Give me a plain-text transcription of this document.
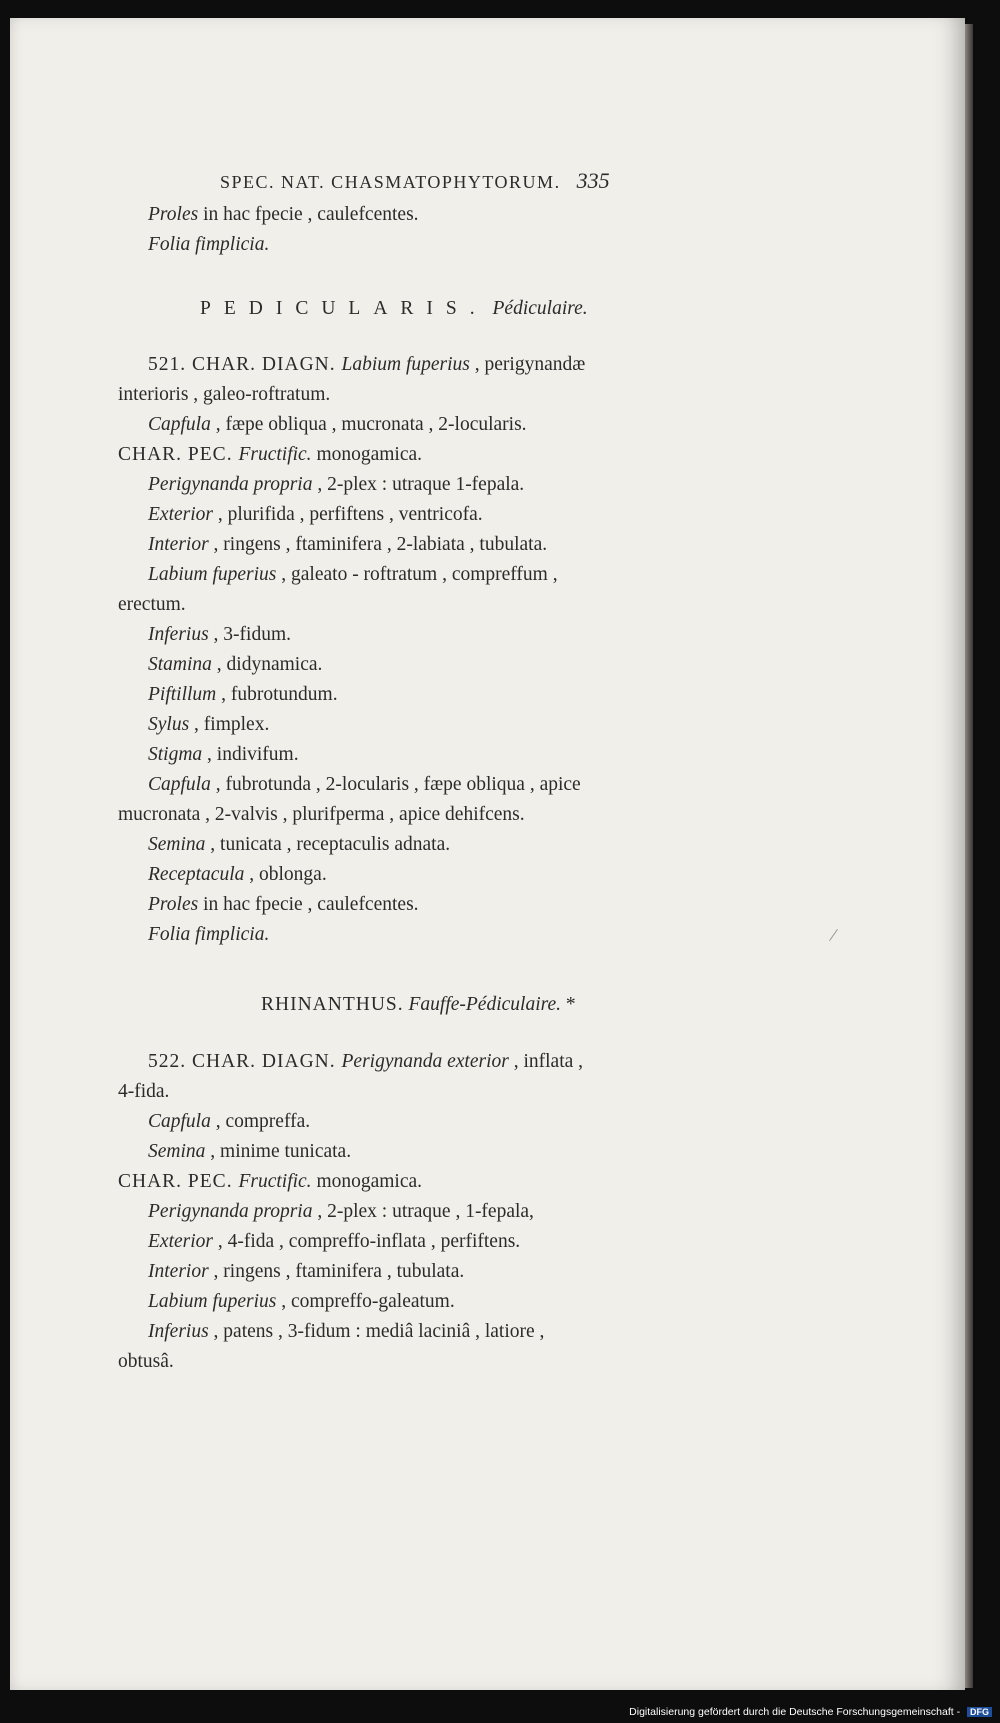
SPEC. NAT. CHASMATOPHYTORUM. 335
Proles in hac fpecie , caulefcentes.
Folia fimplicia.
PEDICULARIS. Pédiculaire.
521. CHAR. DIAGN. Labium fuperius , perigynandæ
interioris , galeo-roftratum.
Capfula , fæpe obliqua , mucronata , 2-locularis.
CHAR. PEC. Fructific. monogamica.
Perigynanda propria , 2-plex : utraque 1-fepala.
Exterior , plurifida , perfiftens , ventricofa.
Interior , ringens , ftaminifera , 2-labiata , tubulata.
Labium fuperius , galeato - roftratum , compreffum ,
erectum.
Inferius , 3-fidum.
Stamina , didynamica.
Piftillum , fubrotundum.
Sylus , fimplex.
Stigma , indivifum.
Capfula , fubrotunda , 2-locularis , fæpe obliqua , apice
mucronata , 2-valvis , plurifperma , apice dehifcens.
Semina , tunicata , receptaculis adnata.
Receptacula , oblonga.
Proles in hac fpecie , caulefcentes.
Folia fimplicia.
RHINANTHUS. Fauffe-Pédiculaire. *
522. CHAR. DIAGN. Perigynanda exterior , inflata ,
4-fida.
Capfula , compreffa.
Semina , minime tunicata.
CHAR. PEC. Fructific. monogamica.
Perigynanda propria , 2-plex : utraque , 1-fepala,
Exterior , 4-fida , compreffo-inflata , perfiftens.
Interior , ringens , ftaminifera , tubulata.
Labium fuperius , compreffo-galeatum.
Inferius , patens , 3-fidum : mediâ laciniâ , latiore ,
obtusâ.
Digitalisierung gefördert durch die Deutsche Forschungsgemeinschaft - DFG
